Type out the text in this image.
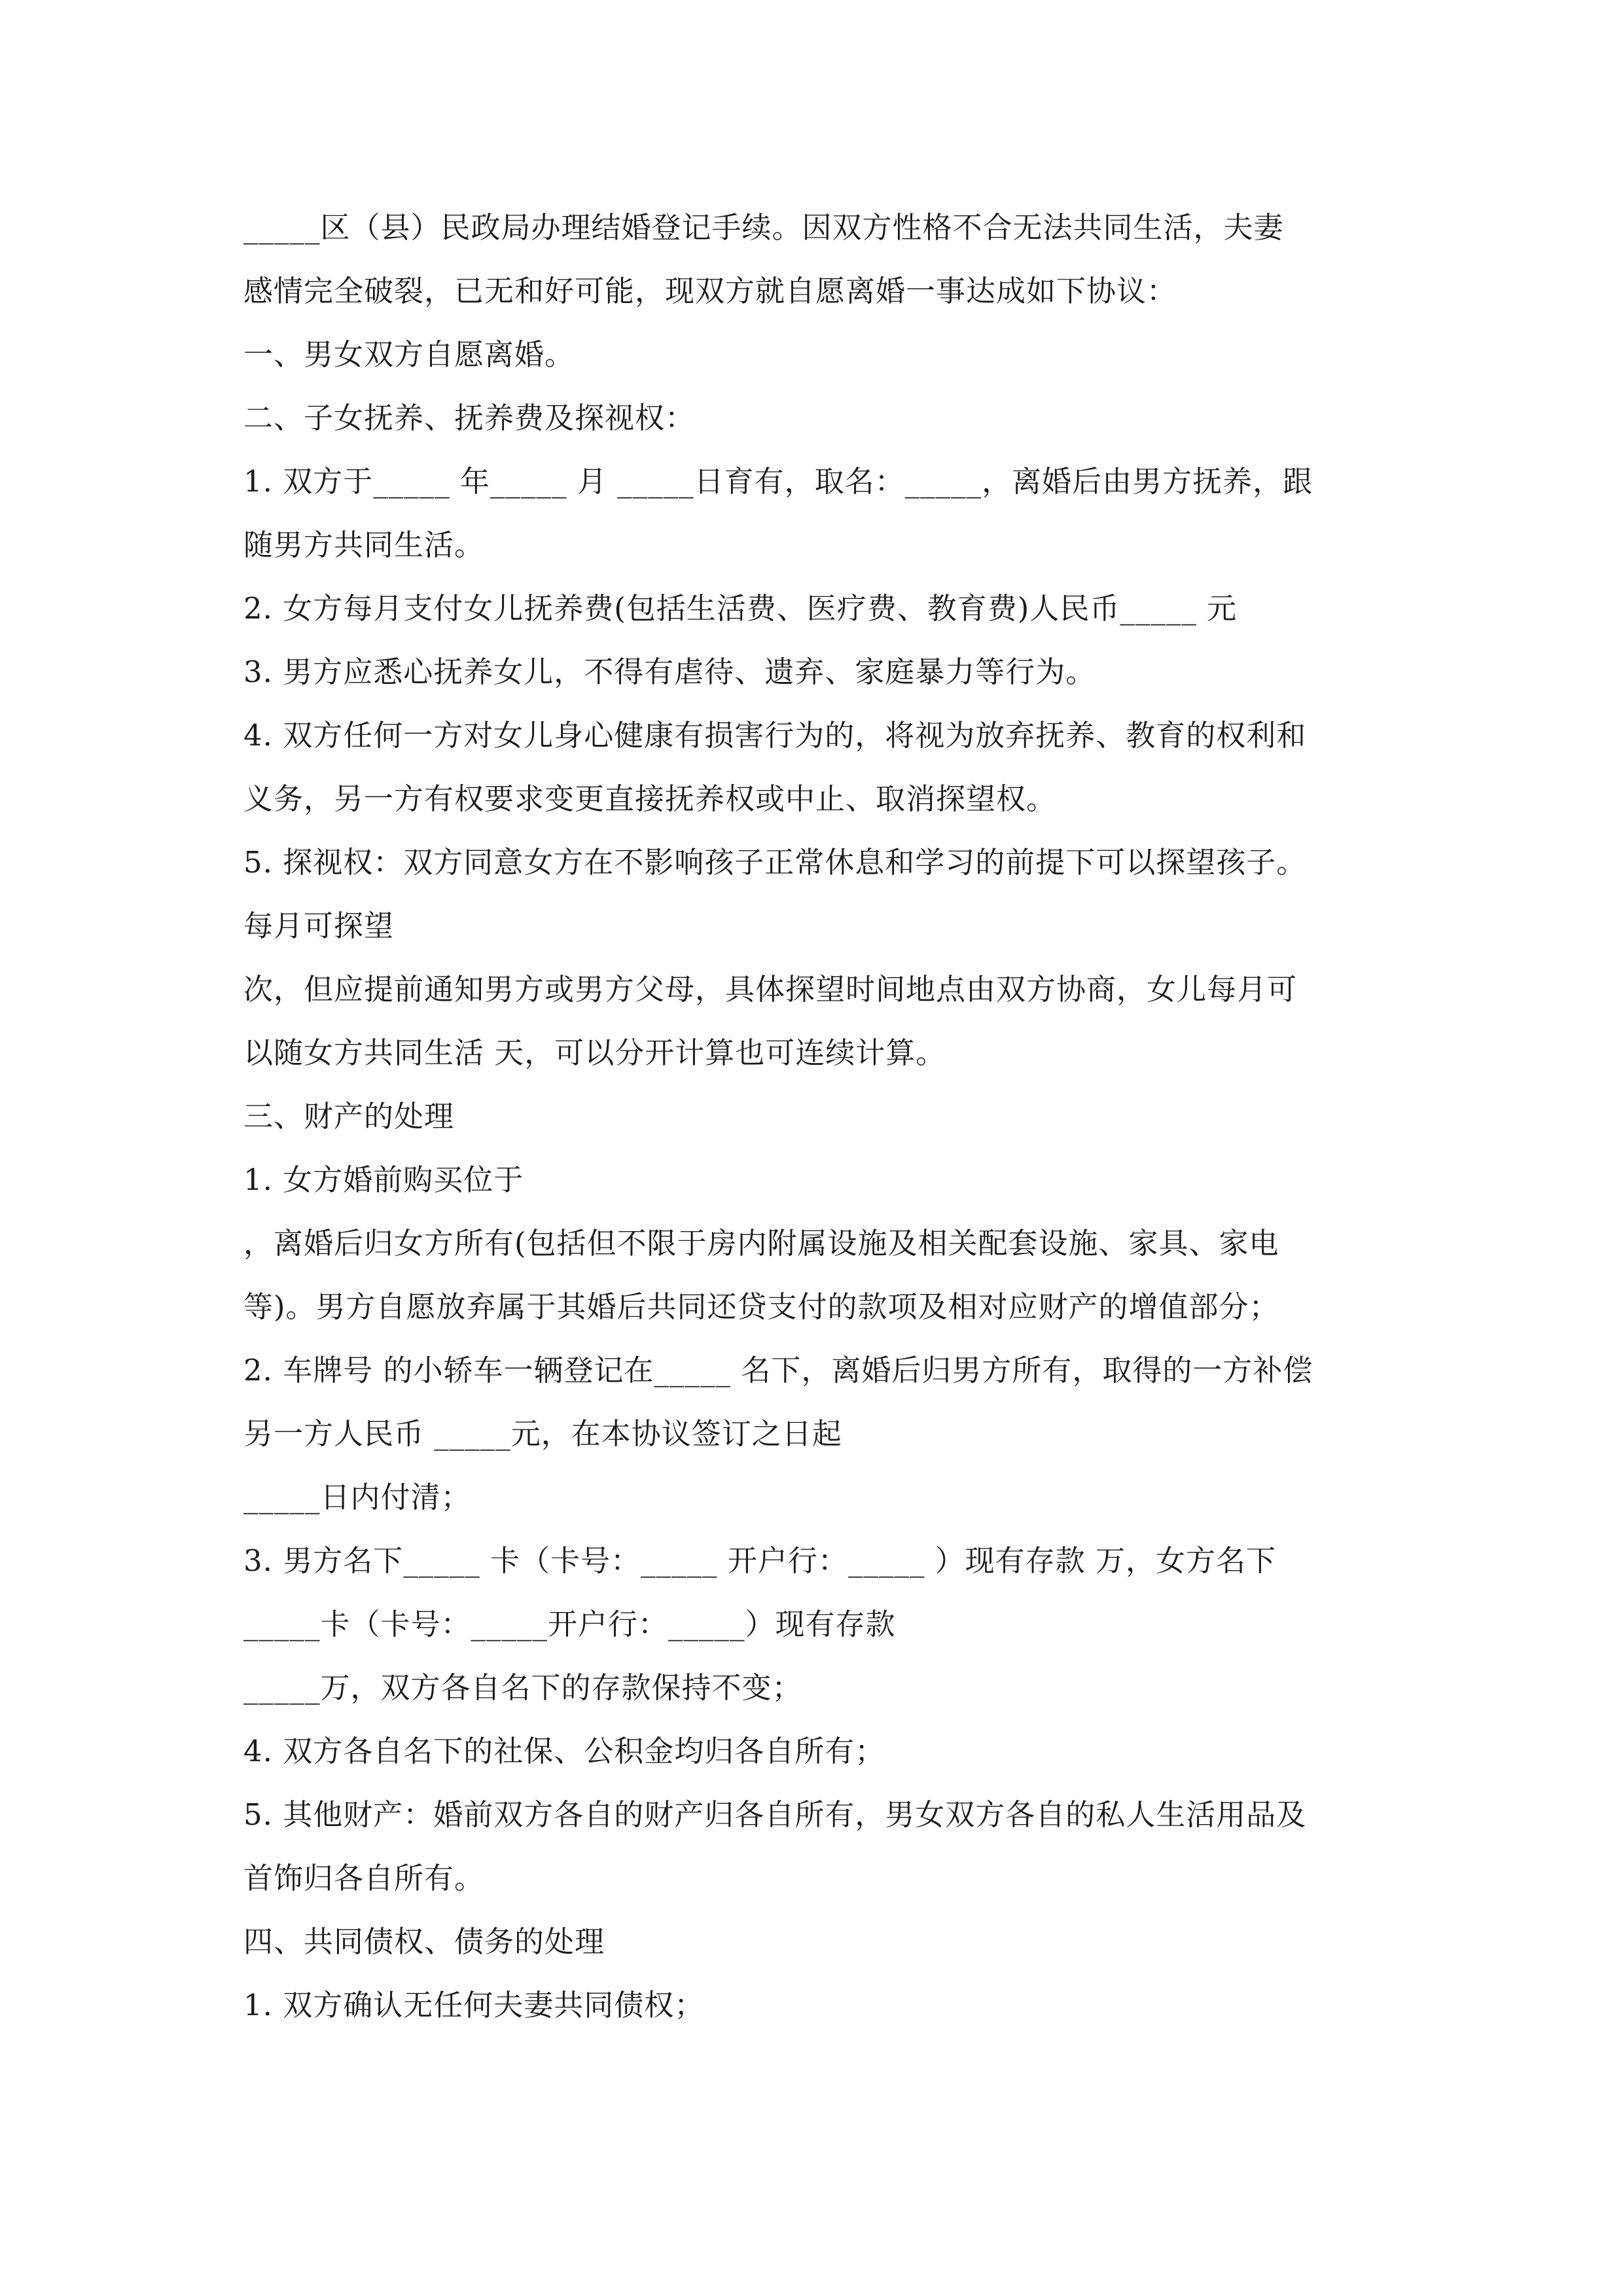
_____区（县）民政局办理结婚登记手续。因双方性格不合无法共同生活，夫妻
感情完全破裂，已无和好可能，现双方就自愿离婚一事达成如下协议：
一、男女双方自愿离婚。
二、子女抚养、抚养费及探视权：
1. 双方于_____ 年_____ 月 _____日育有，取名：_____，离婚后由男方抚养，跟
随男方共同生活。
2. 女方每月支付女儿抚养费(包括生活费、医疗费、教育费)人民币_____ 元
3. 男方应悉心抚养女儿，不得有虐待、遗弃、家庭暴力等行为。
4. 双方任何一方对女儿身心健康有损害行为的，将视为放弃抚养、教育的权利和
义务，另一方有权要求变更直接抚养权或中止、取消探望权。
5. 探视权：双方同意女方在不影响孩子正常休息和学习的前提下可以探望孩子。
每月可探望
次，但应提前通知男方或男方父母，具体探望时间地点由双方协商，女儿每月可
以随女方共同生活 天，可以分开计算也可连续计算。
三、财产的处理
1. 女方婚前购买位于
，离婚后归女方所有(包括但不限于房内附属设施及相关配套设施、家具、家电
等)。男方自愿放弃属于其婚后共同还贷支付的款项及相对应财产的增值部分；
2. 车牌号 的小轿车一辆登记在_____ 名下，离婚后归男方所有，取得的一方补偿
另一方人民币 _____元，在本协议签订之日起
_____日内付清；
3. 男方名下_____ 卡（卡号：_____ 开户行：_____ ）现有存款 万，女方名下
_____卡（卡号：_____开户行：_____）现有存款
_____万，双方各自名下的存款保持不变；
4. 双方各自名下的社保、公积金均归各自所有；
5. 其他财产：婚前双方各自的财产归各自所有，男女双方各自的私人生活用品及
首饰归各自所有。
四、共同债权、债务的处理
1. 双方确认无任何夫妻共同债权；
